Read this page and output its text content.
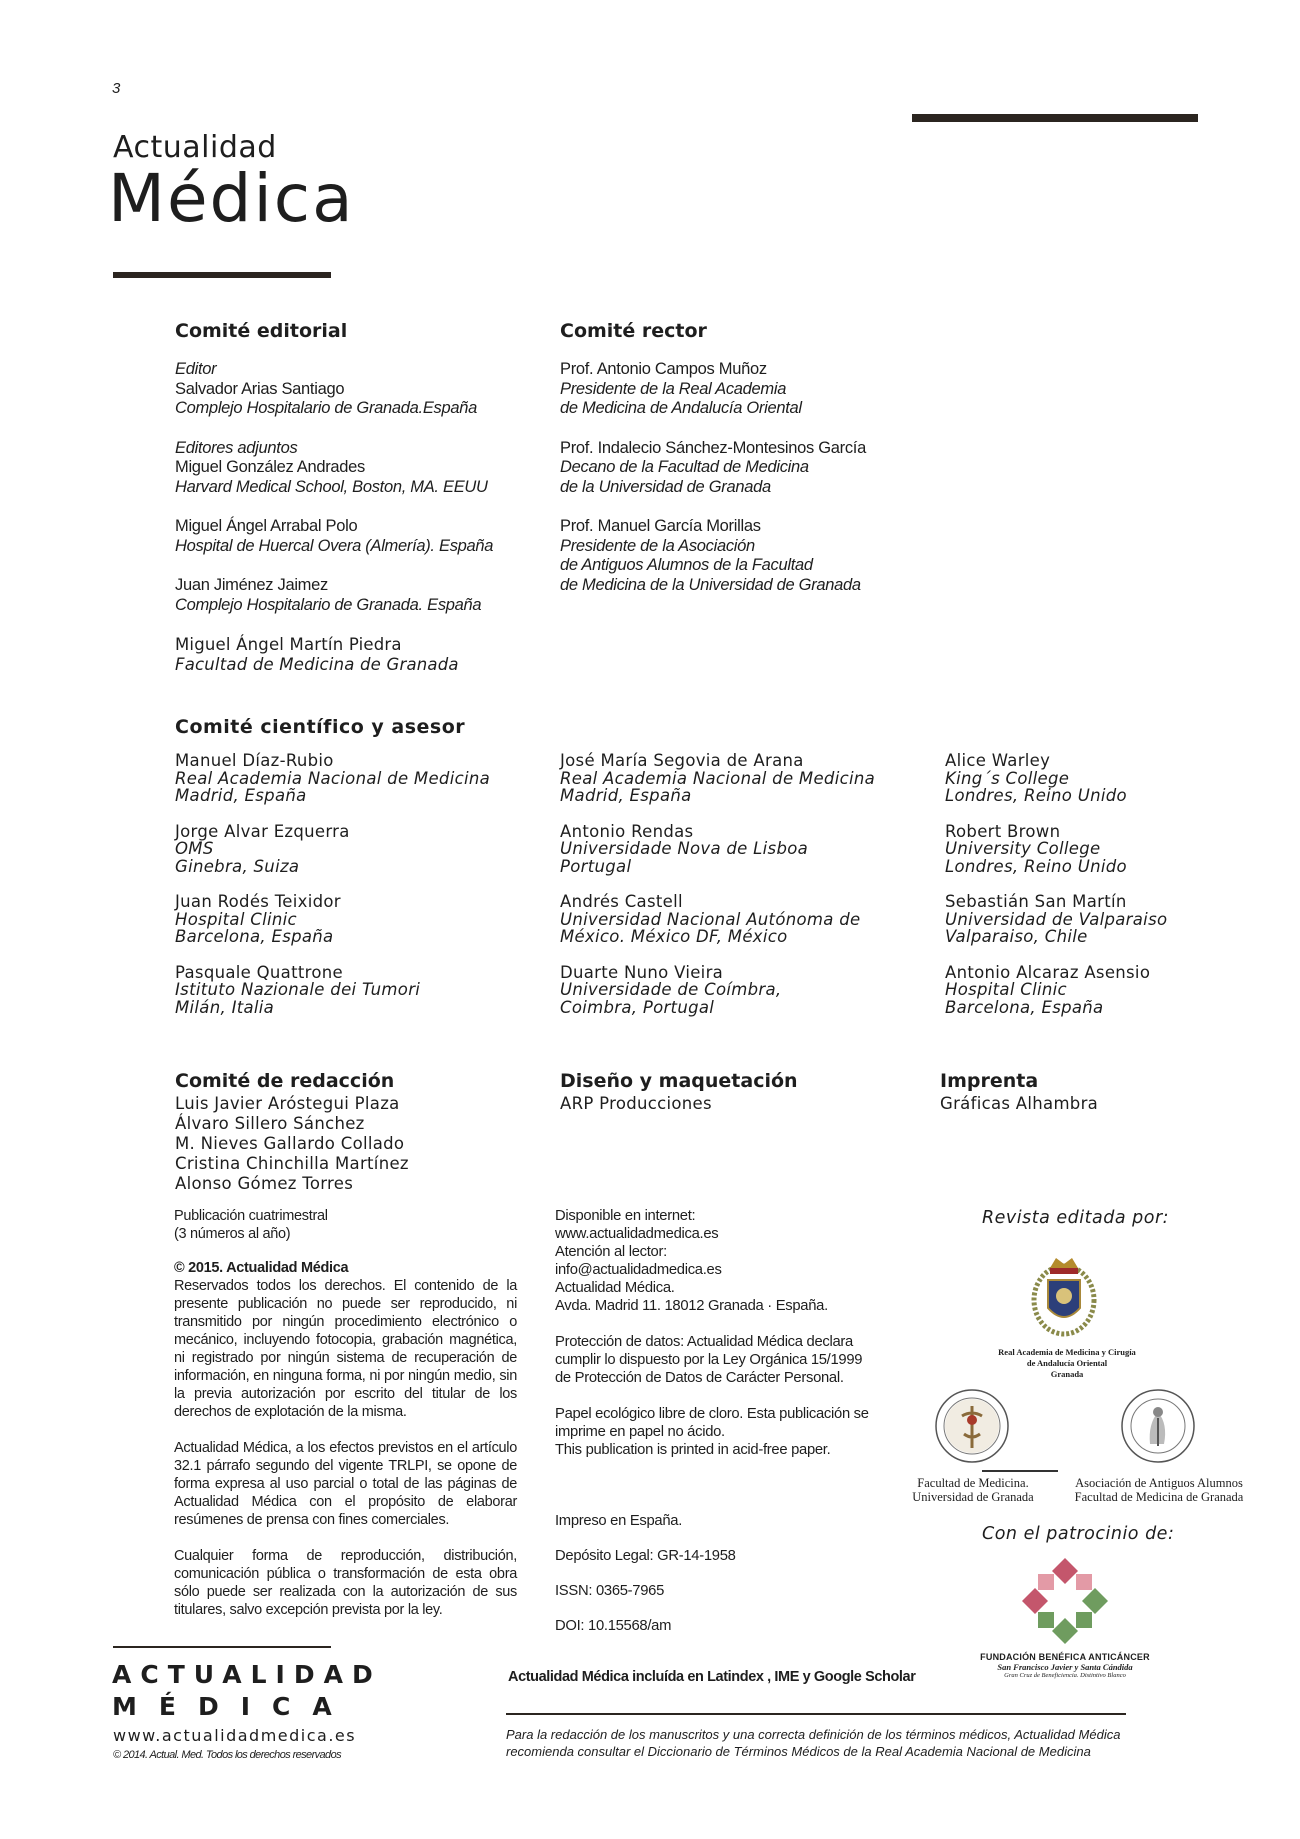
3
Actualidad
Médica
Comité editorial
Editor
Salvador Arias Santiago
Complejo Hospitalario de Granada.España
Editores adjuntos
Miguel González Andrades
Harvard Medical School, Boston, MA. EEUU
Miguel Ángel Arrabal Polo
Hospital de Huercal Overa (Almería). España
Juan Jiménez Jaimez
Complejo Hospitalario de Granada. España
Miguel Ángel Martín Piedra
Facultad de Medicina de Granada
Comité rector
Prof. Antonio Campos Muñoz
Presidente de la Real Academia
de Medicina de Andalucía Oriental
Prof. Indalecio Sánchez-Montesinos García
Decano de la Facultad de Medicina
de la Universidad de Granada
Prof. Manuel García Morillas
Presidente de la Asociación
de Antiguos Alumnos de la Facultad
de Medicina de la Universidad de Granada
Comité científico y asesor
Manuel Díaz-Rubio
Real Academia Nacional de Medicina
Madrid, España
Jorge Alvar Ezquerra
OMS
Ginebra, Suiza
Juan Rodés Teixidor
Hospital Clinic
Barcelona, España
Pasquale Quattrone
Istituto Nazionale dei Tumori
Milán, Italia
José María Segovia de Arana
Real Academia Nacional de Medicina
Madrid, España
Antonio Rendas
Universidade Nova de Lisboa
Portugal
Andrés Castell
Universidad Nacional Autónoma de
México. México DF, México
Duarte Nuno Vieira
Universidade de Coímbra,
Coimbra, Portugal
Alice Warley
King´s College
Londres, Reino Unido
Robert Brown
University College
Londres, Reino Unido
Sebastián San Martín
Universidad de Valparaiso
Valparaiso, Chile
Antonio Alcaraz Asensio
Hospital Clinic
Barcelona, España
Comité de redacción
Luis Javier Aróstegui Plaza
Álvaro Sillero Sánchez
M. Nieves Gallardo Collado
Cristina Chinchilla Martínez
Alonso Gómez Torres
Diseño y maquetación
ARP Producciones
Imprenta
Gráficas Alhambra
Publicación cuatrimestral
(3 números al año)
© 2015. Actualidad Médica
Reservados todos los derechos. El contenido de la presente publicación no puede ser reproducido, ni transmitido por ningún procedimiento electrónico o mecánico, incluyendo fotocopia, grabación magnética, ni registrado por ningún sistema de recuperación de información, en ninguna forma, ni por ningún medio, sin la previa autorización por escrito del titular de los derechos de explotación de la misma.
Actualidad Médica, a los efectos previstos en el artículo 32.1 párrafo segundo del vigente TRLPI, se opone de forma expresa al uso parcial o total de las páginas de Actualidad Médica con el propósito de elaborar resúmenes de prensa con fines comerciales.
Cualquier forma de reproducción, distribución, comunicación pública o transformación de esta obra sólo puede ser realizada con la autorización de sus titulares, salvo excepción prevista por la ley.
Disponible en internet:
www.actualidadmedica.es
Atención al lector:
info@actualidadmedica.es
Actualidad Médica.
Avda. Madrid 11. 18012 Granada · España.
Protección de datos: Actualidad Médica declara
cumplir lo dispuesto por la Ley Orgánica 15/1999
de Protección de Datos de Carácter Personal.
Papel ecológico libre de cloro. Esta publicación se
imprime en papel no ácido.
This publication is printed in acid-free paper.
Impreso en España.
Depósito Legal: GR-14-1958
ISSN: 0365-7965
DOI: 10.15568/am
Revista editada por:
Real Academia de Medicina y Cirugía
de Andalucía Oriental
Granada
Facultad de Medicina.
Universidad de Granada
Asociación de Antiguos Alumnos
Facultad de Medicina de Granada
Con el patrocinio de:
FUNDACIÓN BENÉFICA ANTICÁNCER
San Francisco Javier y Santa Cándida
Gran Cruz de Beneficiencia. Distintivo Blanco
ACTUALIDAD
MÉDICA
www.actualidadmedica.es
© 2014. Actual. Med. Todos los derechos reservados
Actualidad Médica incluída en Latindex , IME y Google Scholar
Para la redacción de los manuscritos y una correcta definición de los términos médicos, Actualidad Médica
recomienda consultar el Diccionario de Términos Médicos de la Real Academia Nacional de Medicina
